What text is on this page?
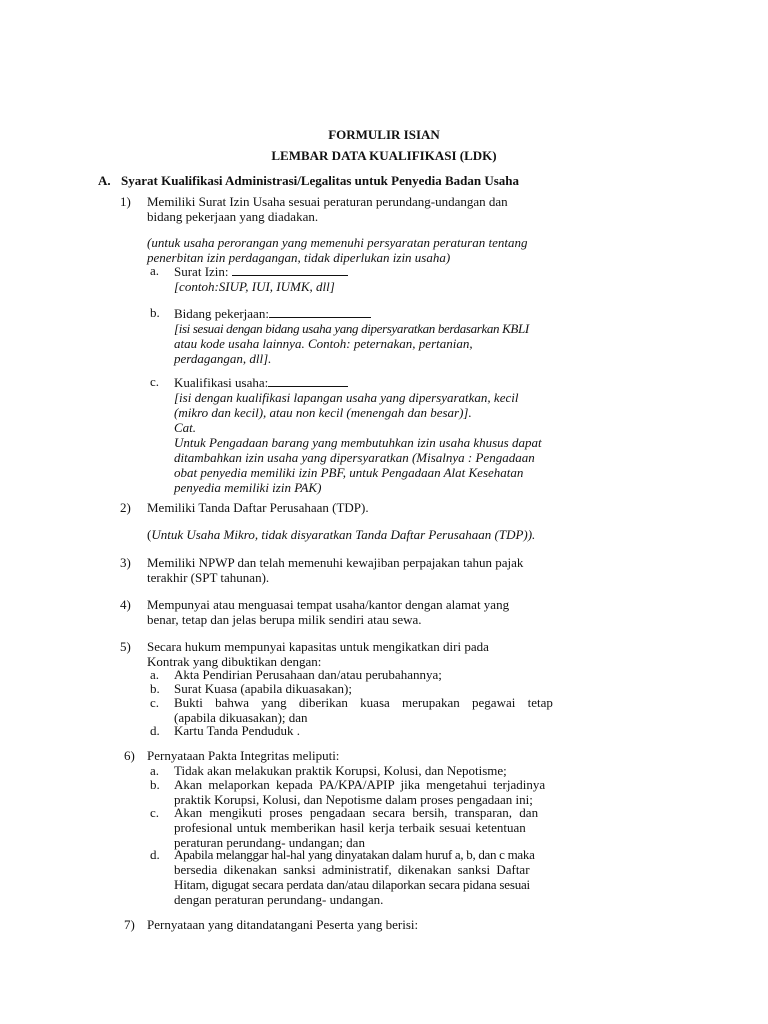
FORMULIR ISIAN
LEMBAR DATA KUALIFIKASI (LDK)
A. Syarat Kualifikasi Administrasi/Legalitas untuk Penyedia Badan Usaha
1)	Memiliki Surat Izin Usaha sesuai peraturan perundang-undangan dan
bidang pekerjaan yang diadakan.
(untuk usaha perorangan yang memenuhi persyaratan peraturan tentang
penerbitan izin perdagangan, tidak diperlukan izin usaha)
a.	Surat Izin:
[contoh:SIUP, IUI, IUMK, dll]
b.	Bidang pekerjaan:
[isi sesuai dengan bidang usaha yang dipersyaratkan berdasarkan KBLI
atau kode usaha lainnya. Contoh: peternakan, pertanian,
perdagangan, dll].
c.	Kualifikasi usaha:
[isi dengan kualifikasi lapangan usaha yang dipersyaratkan, kecil
(mikro dan kecil), atau non kecil (menengah dan besar)].
Cat.
Untuk Pengadaan barang yang membutuhkan izin usaha khusus dapat
ditambahkan izin usaha yang dipersyaratkan (Misalnya : Pengadaan
obat penyedia memiliki izin PBF, untuk Pengadaan Alat Kesehatan
penyedia memiliki izin PAK)
2)	Memiliki Tanda Daftar Perusahaan (TDP).
(Untuk Usaha Mikro, tidak disyaratkan Tanda Daftar Perusahaan (TDP)).
3)	Memiliki NPWP dan telah memenuhi kewajiban perpajakan tahun pajak
terakhir (SPT tahunan).
4)	Mempunyai atau menguasai tempat usaha/kantor dengan alamat yang
benar, tetap dan jelas berupa milik sendiri atau sewa.
5)	Secara hukum mempunyai kapasitas untuk mengikatkan diri pada
Kontrak yang dibuktikan dengan:
a.	Akta Pendirian Perusahaan dan/atau perubahannya;
b.	Surat Kuasa (apabila dikuasakan);
c.	Bukti bahwa yang diberikan kuasa merupakan pegawai tetap
(apabila dikuasakan); dan
d.	Kartu Tanda Penduduk .
6) Pernyataan Pakta Integritas meliputi:
a.	Tidak akan melakukan praktik Korupsi, Kolusi, dan Nepotisme;
b.	Akan melaporkan kepada PA/KPA/APIP jika mengetahui terjadinya
praktik Korupsi, Kolusi, dan Nepotisme dalam proses pengadaan ini;
c.	Akan mengikuti proses pengadaan secara bersih, transparan, dan
profesional untuk memberikan hasil kerja terbaik sesuai ketentuan
peraturan perundang- undangan; dan
d.	Apabila melanggar hal-hal yang dinyatakan dalam huruf a, b, dan c maka
bersedia dikenakan sanksi administratif, dikenakan sanksi Daftar
Hitam, digugat secara perdata dan/atau dilaporkan secara pidana sesuai
dengan peraturan perundang- undangan.
7) Pernyataan yang ditandatangani Peserta yang berisi:
